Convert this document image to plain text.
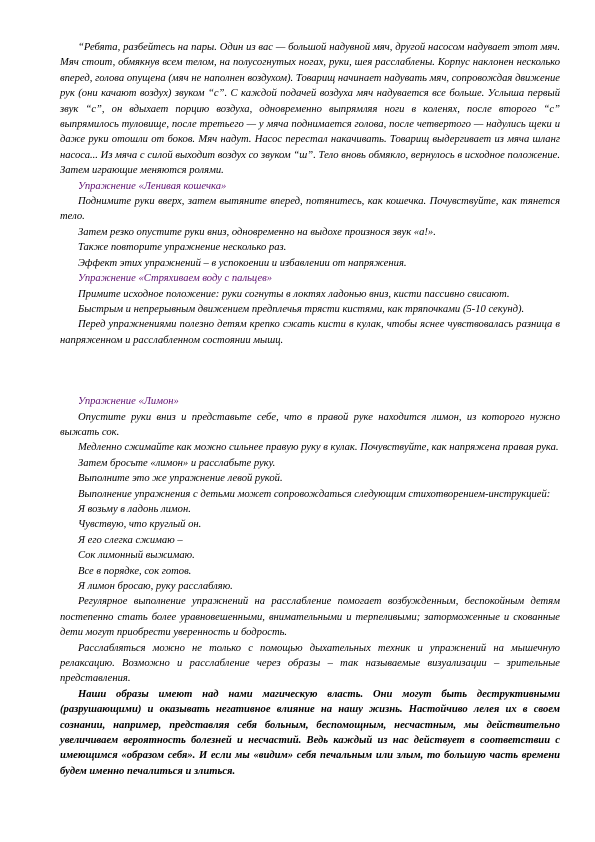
“Ребята, разбейтесь на пары. Один из вас — большой надувной мяч, другой насосом надувает этот мяч. Мяч стоит, обмякнув всем телом, на полусогнутых ногах, руки, шея расслаблены. Корпус наклонен несколько вперед, голова опущена (мяч не наполнен воздухом). Товарищ начинает надувать мяч, сопровождая движение рук (они качают воздух) звуком “с”. С каждой подачей воздуха мяч надувается все больше. Услыша первый звук “с”, он вдыхает порцию воздуха, одновременно выпрямляя ноги в коленях, после второго “с” выпрямилось туловище, после третьего — у мяча поднимается голова, после четвертого — надулись щеки и даже руки отошли от боков. Мяч надут. Насос перестал накачивать. Товарищ выдергивает из мяча шланг насоса... Из мяча с силой выходит воздух со звуком “ш”. Тело вновь обмякло, вернулось в исходное положение. Затем играющие меняются ролями.

Упражнение «Ленивая кошечка»

Поднимите руки вверх, затем вытяните вперед, потянитесь, как кошечка. Почувствуйте, как тянется тело.

Затем резко опустите руки вниз, одновременно на выдохе произнося звук «а!».

Также повторите упражнение несколько раз.

Эффект этих упражнений – в успокоении и избавлении от напряжения.

Упражнение «Стряхиваем воду с пальцев»

Примите исходное положение: руки согнуты в локтях ладонью вниз, кисти пассивно свисают.

Быстрым и непрерывным движением предплечья трясти кистями, как тряпочками (5-10 секунд).

Перед упражнениями полезно детям крепко сжать кисти в кулак, чтобы яснее чувствовалась разница в напряженном и расслабленном состоянии мышц.

Упражнение «Лимон»

Опустите руки вниз и представьте себе, что в правой руке находится лимон, из которого нужно выжать сок.

Медленно сжимайте как можно сильнее правую руку в кулак. Почувствуйте, как напряжена правая рука.

Затем бросьте «лимон» и расслабьте руку.

Выполните это же упражнение левой рукой.

Выполнение упражнения с детьми может сопровождаться следующим стихотворением-инструкцией:

Я возьму в ладонь лимон.

Чувствую, что круглый он.

Я его слегка сжимаю –

Сок лимонный выжимаю.

Все в порядке, сок готов.

Я лимон бросаю, руку расслабляю.

Регулярное выполнение упражнений на расслабление помогает возбужденным, беспокойным детям постепенно стать более уравновешенными, внимательными и терпеливыми; заторможенные и скованные дети могут приобрести уверенность и бодрость.

Расслабляться можно не только с помощью дыхательных техник и упражнений на мышечную релаксацию. Возможно и расслабление через образы – так называемые визуализации – зрительные представления.

Наши образы имеют над нами магическую власть. Они могут быть деструктивными (разрушающими) и оказывать негативное влияние на нашу жизнь. Настойчиво лелея их в своем сознании, например, представляя себя больным, беспомощным, несчастным, мы действительно увеличиваем вероятность болезней и несчастий. Ведь каждый из нас действует в соответствии с имеющимся «образом себя». И если мы «видим» себя печальным или злым, то большую часть времени будем именно печалиться и злиться.
